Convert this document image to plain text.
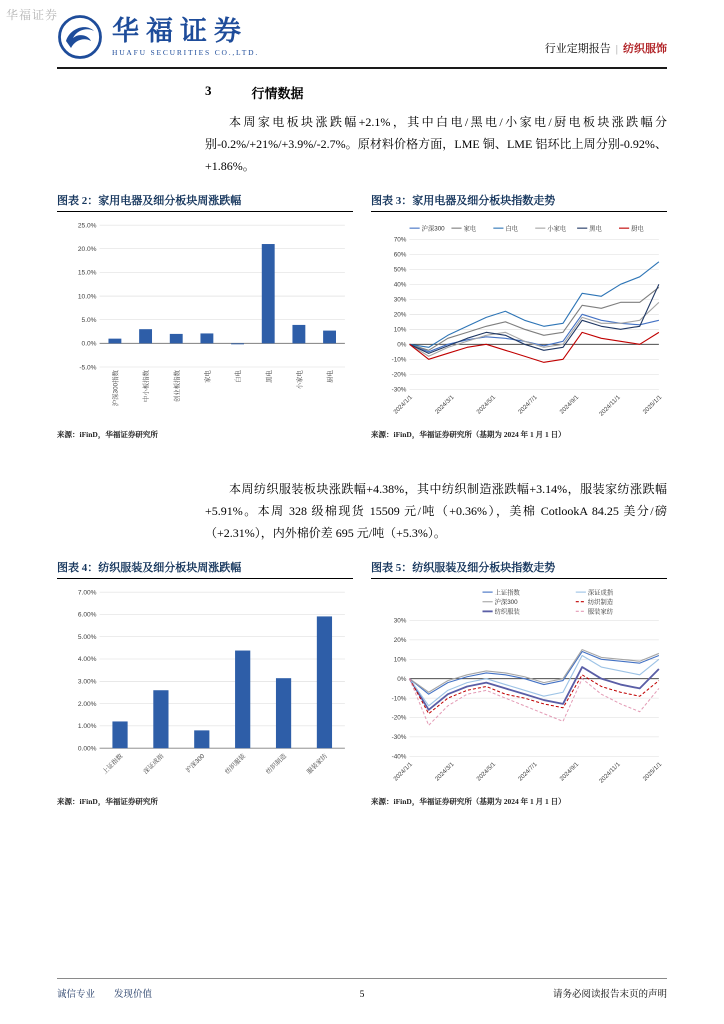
华福证券
华福证券
HUAFU SECURITIES CO.,LTD.	行业定期报告 | 纺织服饰
3	行情数据

本周家电板块涨跌幅+2.1%，其中白电/黑电/小家电/厨电板块涨跌幅分别-0.2%/+21%/+3.9%/-2.7%。原材料价格方面，LME 铜、LME 铝环比上周分别-0.92%、+1.86%。

图表 2： 家用电器及细分板块周涨跌幅
25.0%
20.0%
15.0%
10.0%
5.0%
0.0%
-5.0%
沪深300指数	中小板指数	创业板指数	家电	白电	黑电	小家电	厨电
来源：iFinD，华福证券研究所
图表 3： 家用电器及细分板块指数走势
沪深300	家电	白电	小家电	黑电	厨电
70%
60%
50%
40%
30%
20%
10%
0%
-10%
-20%
-30%
2024/1/1	2024/3/1	2024/5/1	2024/7/1	2024/9/1	2024/11/1	2025/1/1
来源：iFinD，华福证券研究所（基期为 2024 年 1 月 1 日）

本周纺织服装板块涨跌幅+4.38%，其中纺织制造涨跌幅+3.14%，服装家纺涨跌幅+5.91%。本周 328 级棉现货 15509 元/吨（+0.36%），美棉 CotlookA 84.25 美分/磅（+2.31%），内外棉价差 695 元/吨（+5.3%）。

图表 4： 纺织服装及细分板块周涨跌幅
7.00%
6.00%
5.00%
4.00%
3.00%
2.00%
1.00%
0.00%
上证指数	深证成指	沪深300	纺织服装	纺织制造	服装家纺
来源：iFinD，华福证券研究所
图表 5： 纺织服装及细分板块指数走势
上证指数
沪深300
纺织服装
深证成指
纺织制造
服装家纺
30%
20%
10%
0%
-10%
-20%
-30%
-40%
2024/1/1	2024/3/1	2024/5/1	2024/7/1	2024/9/1	2024/11/1	2025/1/1
来源：iFinD，华福证券研究所（基期为 2024 年 1 月 1 日）
诚信专业　　发现价值	5	请务必阅读报告末页的声明
